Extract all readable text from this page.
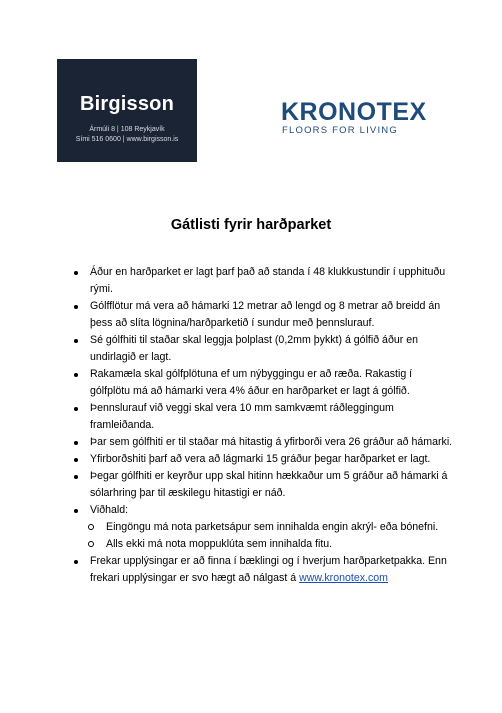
Birgisson
Ármúli 8 | 108 Reykjavík
Sími 516 0600 | www.birgisson.is
KRONOTEX
FLOORS FOR LIVING
Gátlisti fyrir harðparket
Áður en harðparket er lagt þarf það að standa í 48 klukkustundir í upphituðu rými.
Gólfflötur má vera að hámarki 12 metrar að lengd og 8 metrar að breidd án þess að slíta lögnina/harðparketið í sundur með þennslurauf.
Sé gólfhiti til staðar skal leggja þolplast (0,2mm þykkt) á gólfið áður en undirlagið er lagt.
Rakamæla skal gólfplötuna ef um nýbyggingu er að ræða. Rakastig í gólfplötu má að hámarki vera 4% áður en harðparket er lagt á gólfið.
Þennslurauf við veggi skal vera 10 mm samkvæmt ráðleggingum framleiðanda.
Þar sem gólfhiti er til staðar má hitastig á yfirborði vera 26 gráður að hámarki.
Yfirborðshiti þarf að vera að lágmarki 15 gráður þegar harðparket er lagt.
Þegar gólfhiti er keyrður upp skal hitinn hækkaður um 5 gráður að hámarki á sólarhring þar til æskilegu hitastigi er náð.
Viðhald:
Eingöngu má nota parketsápur sem innihalda engin akrýl- eða bónefni.
Alls ekki má nota moppuklúta sem innihalda fitu.
Frekar upplýsingar er að finna í bæklingi og í hverjum harðparketpakka. Enn frekari upplýsingar er svo hægt að nálgast á www.kronotex.com
